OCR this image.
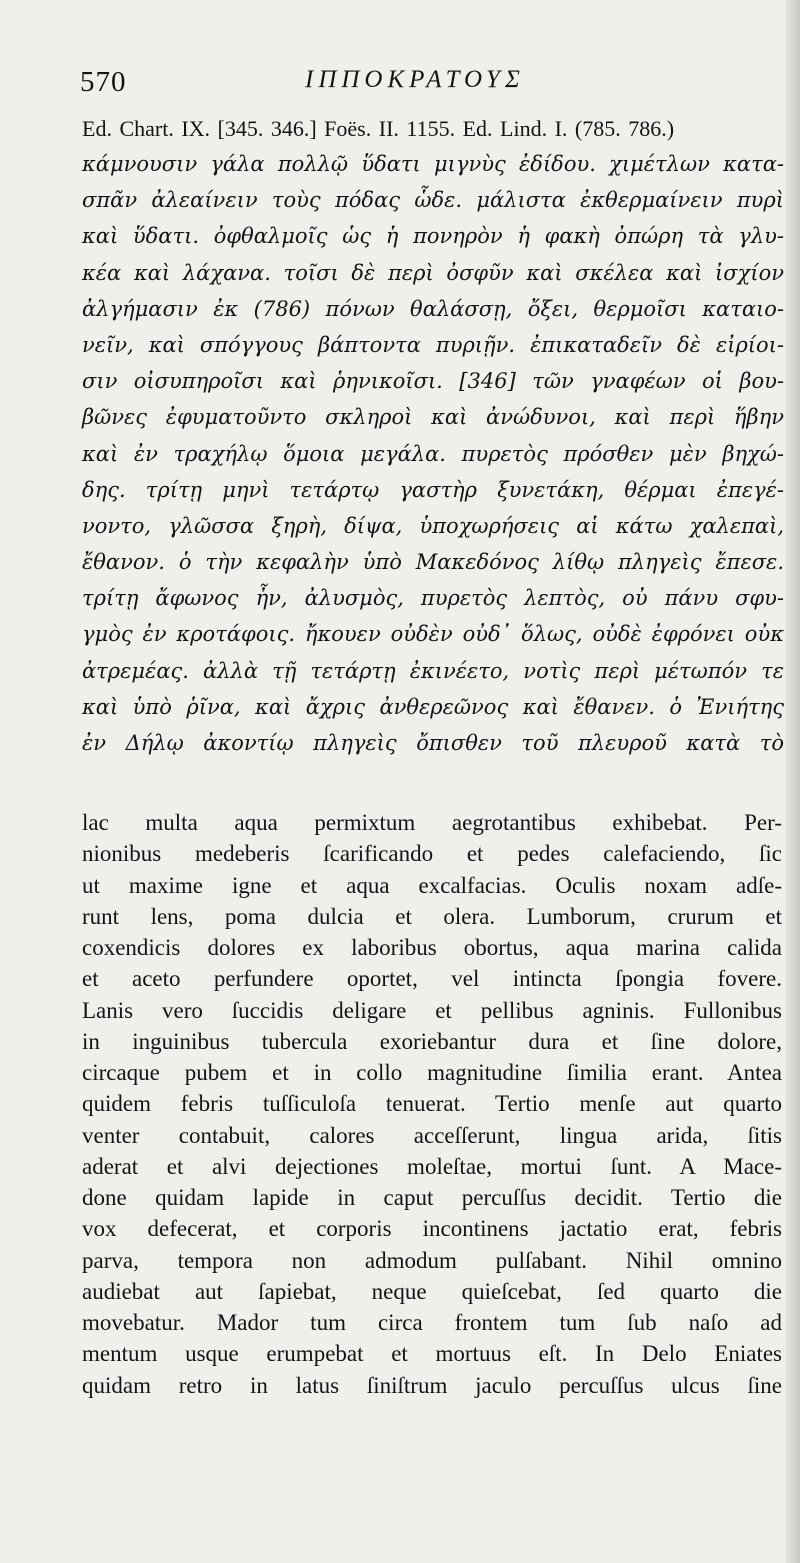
570	ΙΠΠΟΚΡΑΤΟΥΣ
Ed. Chart. IX. [345. 346.] Foës. II. 1155. Ed. Lind. I. (785. 786.)
κάμνουσιν γάλα πολλῷ ὕδατι μιγνὺς ἐδίδου. χιμέτλων κατα-
σπᾶν ἀλεαίνειν τοὺς πόδας ὧδε. μάλιστα ἐκθερμαίνειν πυρὶ
καὶ ὕδατι. ὀφθαλμοῖς ὡς ἡ πονηρὸν ἡ φακὴ ὀπώρη τὰ γλυ-
κέα καὶ λάχανα. τοῖσι δὲ περὶ ὀσφῦν καὶ σκέλεα καὶ ἰσχίον
ἀλγήμασιν ἐκ (786) πόνων θαλάσσῃ, ὄξει, θερμοῖσι καταιο-
νεῖν, καὶ σπόγγους βάπτοντα πυριῇν. ἐπικαταδεῖν δὲ εἰρίοι-
σιν οἰσυπηροῖσι καὶ ῥηνικοῖσι. [346] τῶν γναφέων οἱ βου-
βῶνες ἐφυματοῦντο σκληροὶ καὶ ἀνώδυνοι, καὶ περὶ ἥβην
καὶ ἐν τραχήλῳ ὅμοια μεγάλα. πυρετὸς πρόσθεν μὲν βηχώ-
δης. τρίτῃ μηνὶ τετάρτῳ γαστὴρ ξυνετάκη, θέρμαι ἐπεγέ-
νοντο, γλῶσσα ξηρὴ, δίψα, ὑποχωρήσεις αἱ κάτω χαλεπαὶ,
ἔθανον. ὁ τὴν κεφαλὴν ὑπὸ Μακεδόνος λίθῳ πληγεὶς ἔπεσε.
τρίτῃ ἄφωνος ἦν, ἀλυσμὸς, πυρετὸς λεπτὸς, οὐ πάνυ σφυ-
γμὸς ἐν κροτάφοις. ἤκουεν οὐδὲν οὐδ᾽ ὅλως, οὐδὲ ἐφρόνει οὐκ
ἀτρεμέας. ἀλλὰ τῇ τετάρτῃ ἐκινέετο, νοτὶς περὶ μέτωπόν τε
καὶ ὑπὸ ῥῖνα, καὶ ἄχρις ἀνθερεῶνος καὶ ἔθανεν. ὁ Ἐνιήτης
ἐν Δήλῳ ἀκοντίῳ πληγεὶς ὄπισθεν τοῦ πλευροῦ κατὰ τὸ
lac multa aqua permixtum aegrotantibus exhibebat. Per-
nionibus medeberis ſcarificando et pedes calefaciendo, ſic
ut maxime igne et aqua excalfacias. Oculis noxam adſe-
runt lens, poma dulcia et olera. Lumborum, crurum et
coxendicis dolores ex laboribus obortus, aqua marina calida
et aceto perfundere oportet, vel intincta ſpongia fovere.
Lanis vero ſuccidis deligare et pellibus agninis. Fullonibus
in inguinibus tubercula exoriebantur dura et ſine dolore,
circaque pubem et in collo magnitudine ſimilia erant. Antea
quidem febris tuſſiculoſa tenuerat. Tertio menſe aut quarto
venter contabuit, calores acceſſerunt, lingua arida, ſitis
aderat et alvi dejectiones moleſtae, mortui ſunt. A Mace-
done quidam lapide in caput percuſſus decidit. Tertio die
vox defecerat, et corporis incontinens jactatio erat, febris
parva, tempora non admodum pulſabant. Nihil omnino
audiebat aut ſapiebat, neque quieſcebat, ſed quarto die
movebatur. Mador tum circa frontem tum ſub naſo ad
mentum usque erumpebat et mortuus eſt. In Delo Eniates
quidam retro in latus ſiniſtrum jaculo percuſſus ulcus ſine
